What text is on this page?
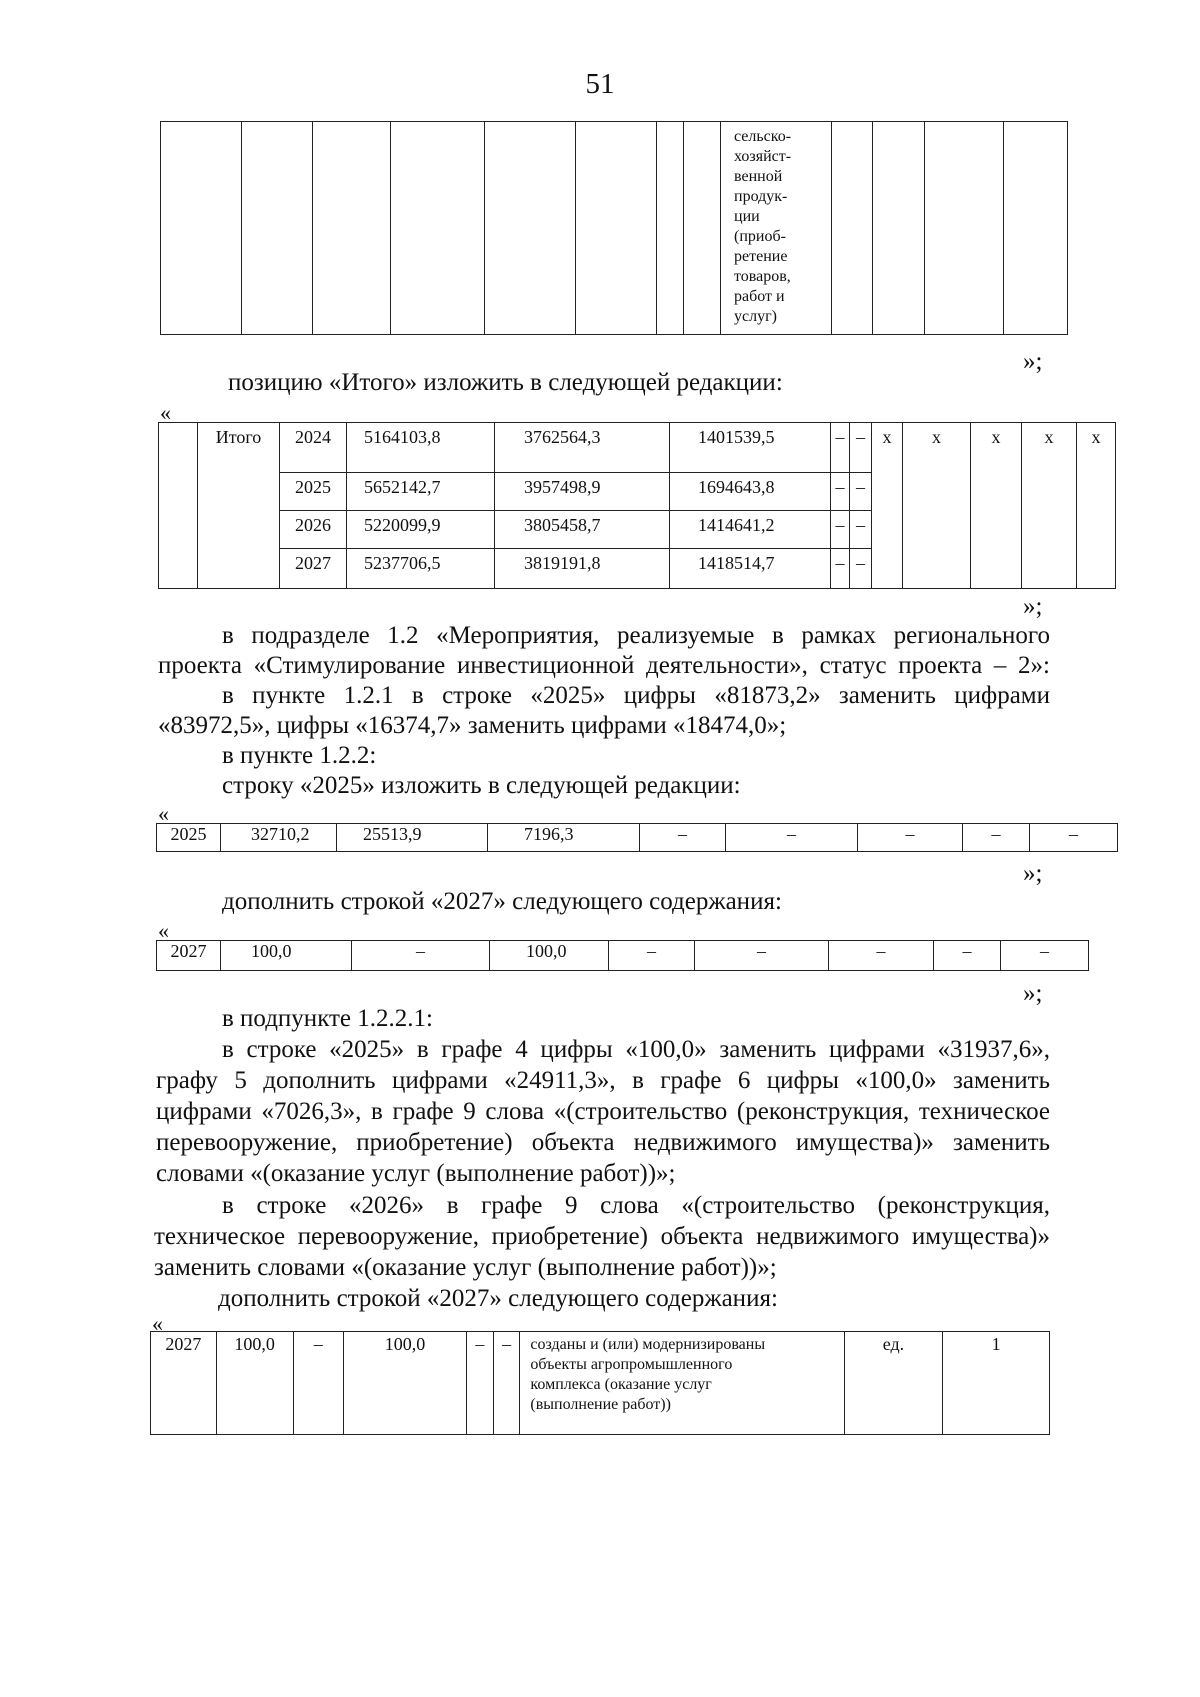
51

сельско-
хозяйст-
венной
продук-
ции
(приоб-
ретение
товаров,
работ и
услуг)

»;
позицию «Итого» изложить в следующей редакции:
«
	Итого	2024	5164103,8	3762564,3	1401539,5	–	–	х	х	х	х	х
		2025	5652142,7	3957498,9	1694643,8	–	–					
		2026	5220099,9	3805458,7	1414641,2	–	–					
		2027	5237706,5	3819191,8	1418514,7	–	–					
»;
в подразделе 1.2 «Мероприятия, реализуемые в рамках регионального
проекта «Стимулирование инвестиционной деятельности», статус проекта – 2»:
в пункте 1.2.1 в строке «2025» цифры «81873,2» заменить цифрами
«83972,5», цифры «16374,7» заменить цифрами «18474,0»;
в пункте 1.2.2:
строку «2025» изложить в следующей редакции:
«
2025	32710,2	25513,9	7196,3	–	–	–	–	–
»;
дополнить строкой «2027» следующего содержания:
«
2027	100,0	–	100,0	–	–	–	–	–
»;
в подпункте 1.2.2.1:
в строке «2025» в графе 4 цифры «100,0» заменить цифрами «31937,6»,
графу 5 дополнить цифрами «24911,3», в графе 6 цифры «100,0» заменить
цифрами «7026,3», в графе 9 слова «(строительство (реконструкция, техническое
перевооружение, приобретение) объекта недвижимого имущества)» заменить
словами «(оказание услуг (выполнение работ))»;
в строке «2026» в графе 9 слова «(строительство (реконструкция,
техническое перевооружение, приобретение) объекта недвижимого имущества)»
заменить словами «(оказание услуг (выполнение работ))»;
дополнить строкой «2027» следующего содержания:
«
2027	100,0	–	100,0	–	–	созданы и (или) модернизированы
объекты агропромышленного
комплекса (оказание услуг
(выполнение работ))
	ед.	1
